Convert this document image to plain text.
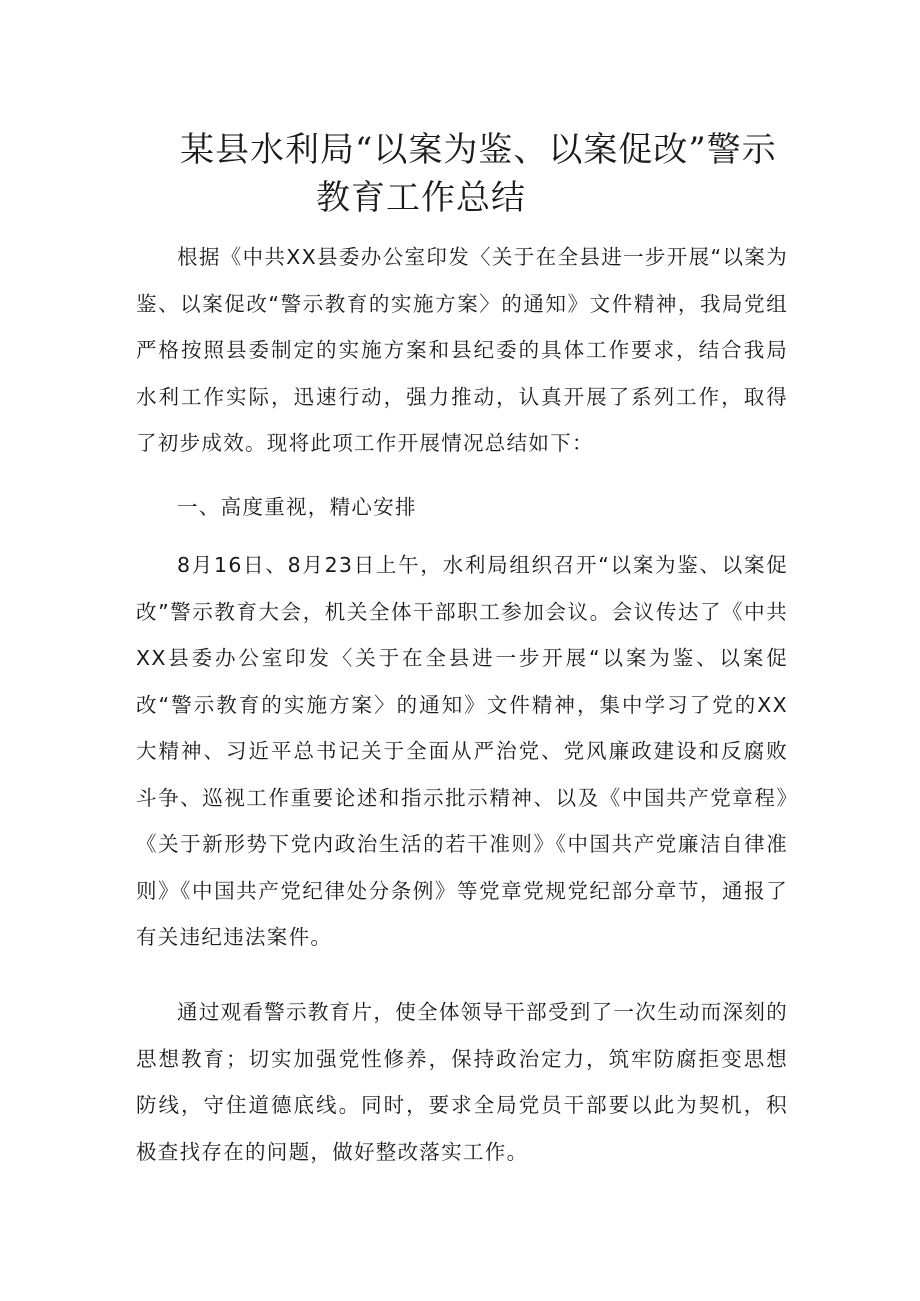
某县水利局“以案为鉴、以案促改”警示
教育工作总结

根据《中共XX县委办公室印发〈关于在全县进一步开展“以案为鉴、以案促改“警示教育的实施方案〉的通知》文件精神，我局党组严格按照县委制定的实施方案和县纪委的具体工作要求，结合我局水利工作实际，迅速行动，强力推动，认真开展了系列工作，取得了初步成效。现将此项工作开展情况总结如下：

一、高度重视，精心安排

8月16日、8月23日上午，水利局组织召开“以案为鉴、以案促改”警示教育大会，机关全体干部职工参加会议。会议传达了《中共XX县委办公室印发〈关于在全县进一步开展“以案为鉴、以案促改“警示教育的实施方案〉的通知》文件精神，集中学习了党的XX大精神、习近平总书记关于全面从严治党、党风廉政建设和反腐败斗争、巡视工作重要论述和指示批示精神、以及《中国共产党章程》《关于新形势下党内政治生活的若干准则》《中国共产党廉洁自律准则》《中国共产党纪律处分条例》等党章党规党纪部分章节，通报了有关违纪违法案件。

通过观看警示教育片，使全体领导干部受到了一次生动而深刻的思想教育；切实加强党性修养，保持政治定力，筑牢防腐拒变思想防线，守住道德底线。同时，要求全局党员干部要以此为契机，积极查找存在的问题，做好整改落实工作。
